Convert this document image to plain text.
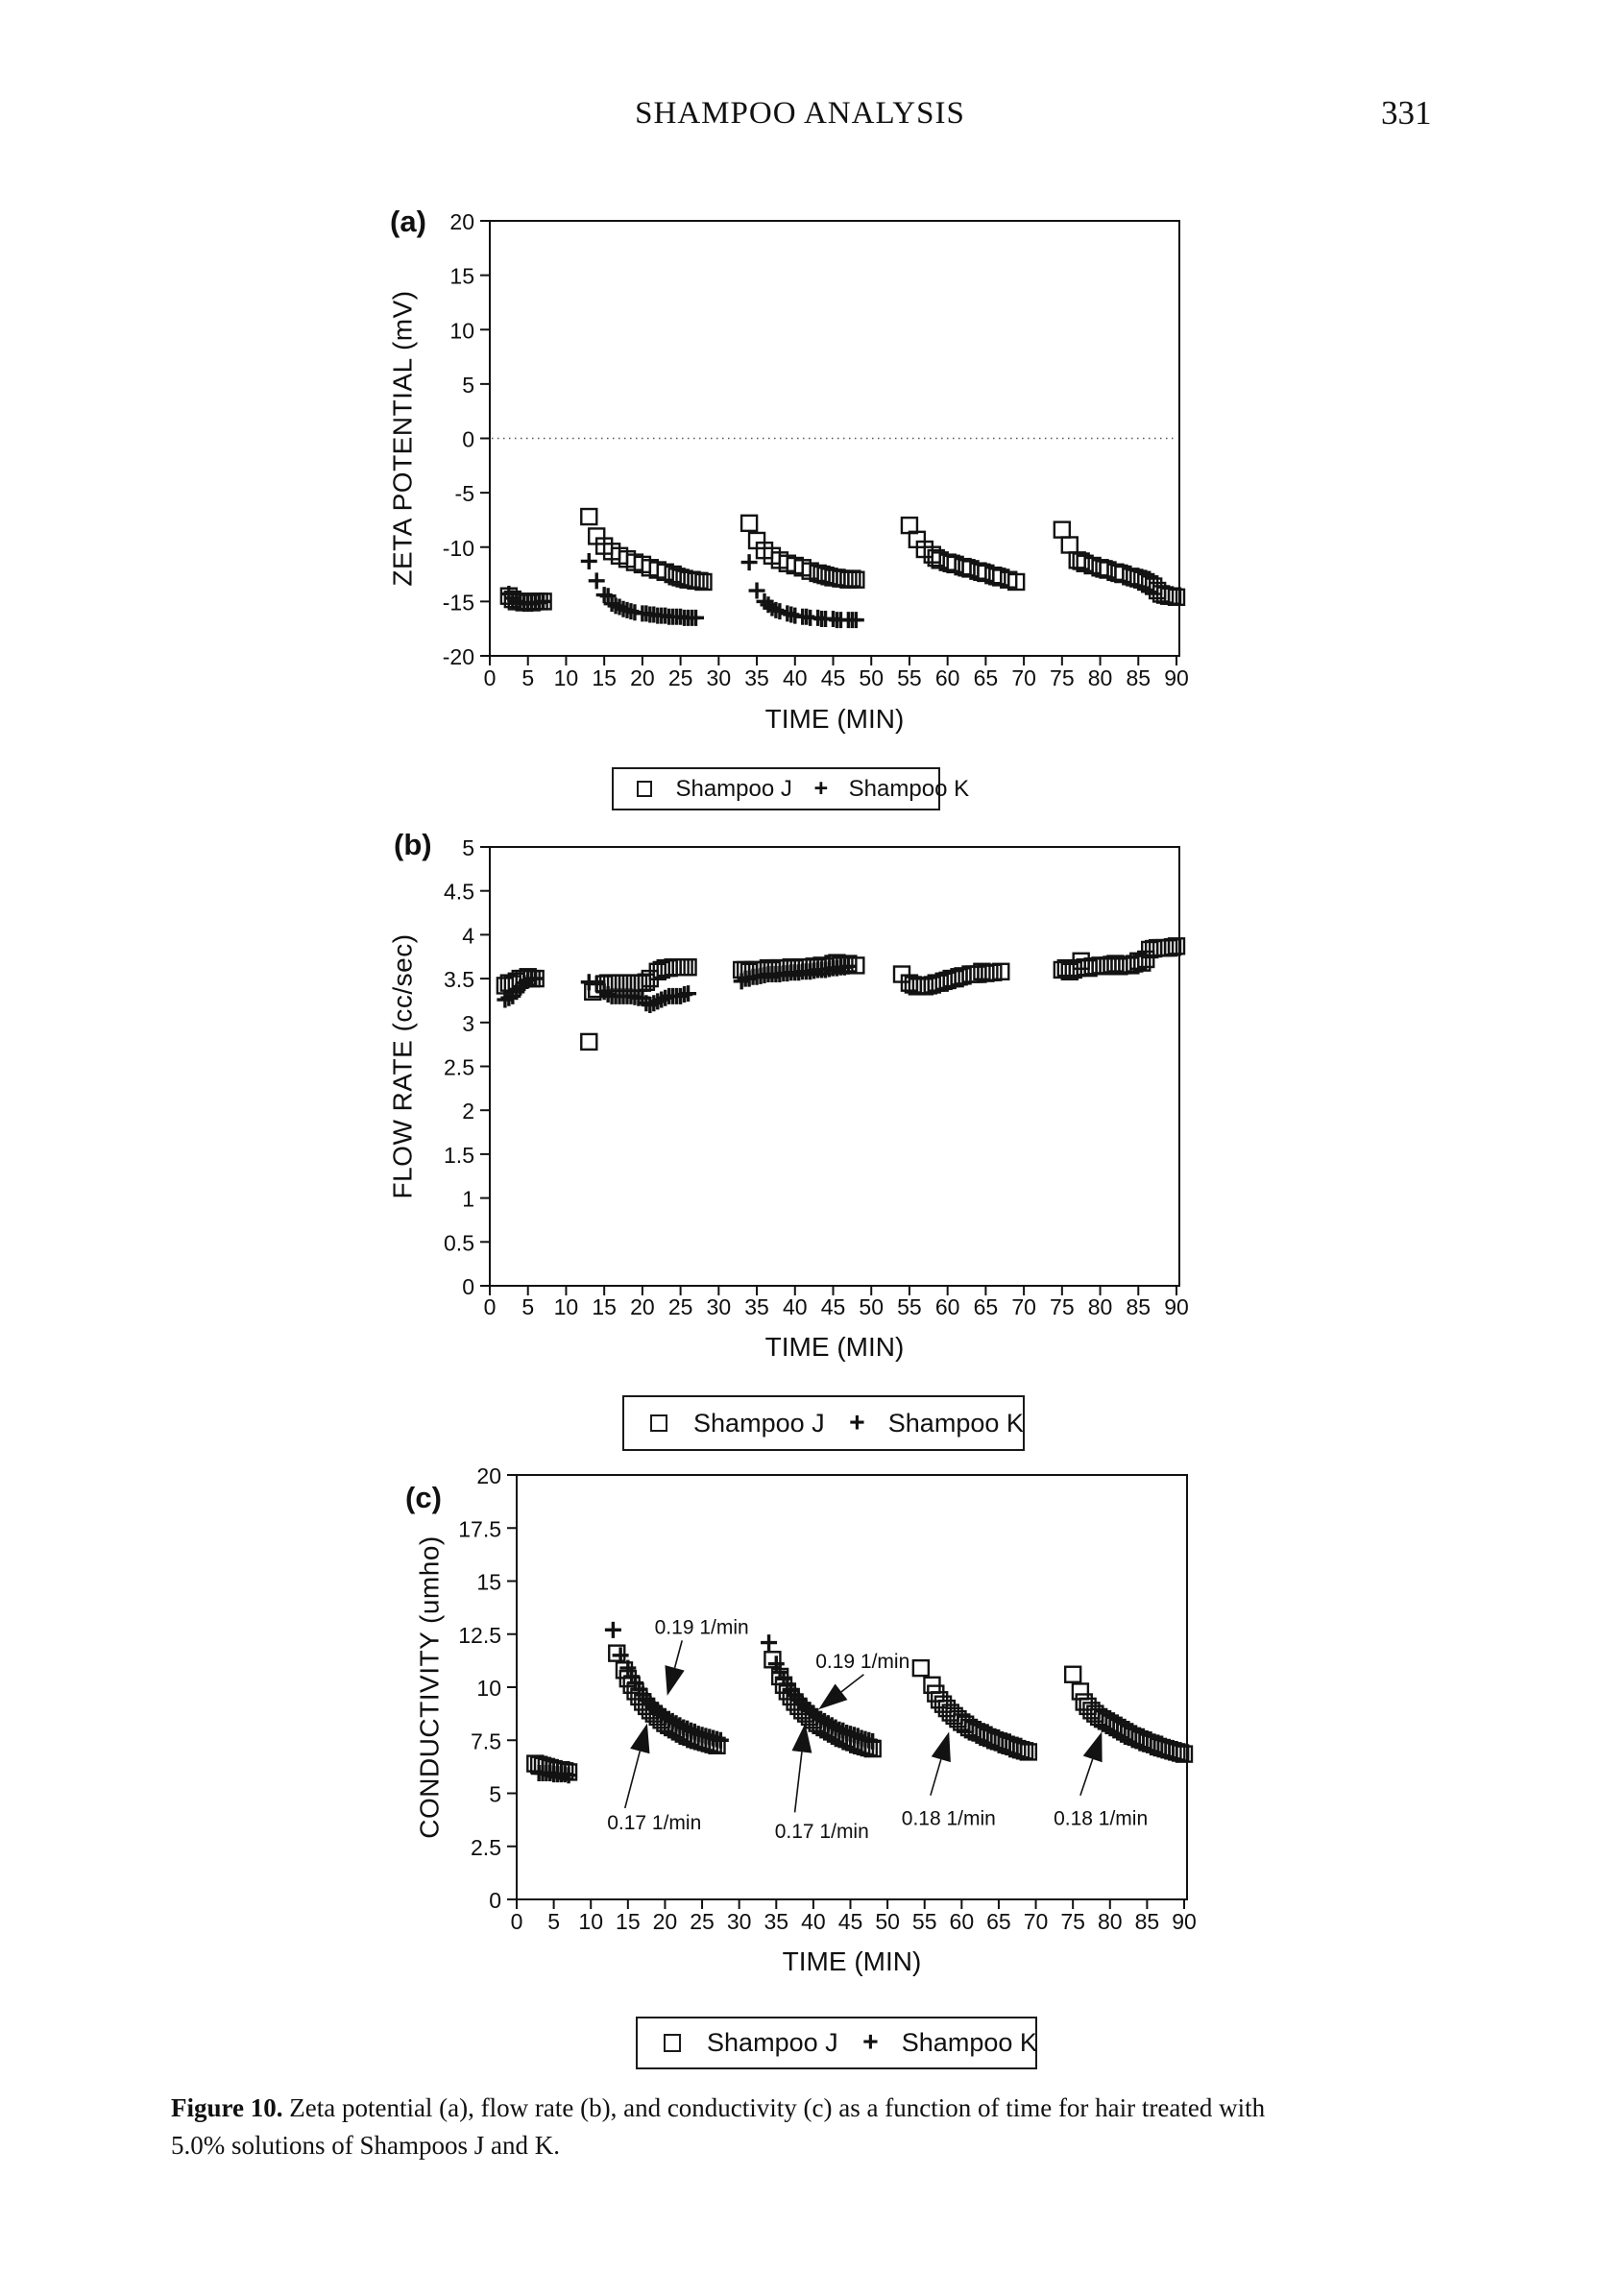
SHAMPOO ANALYSIS	331
20
15
10
5
0
-5
-10
-15
-20
0 5 10 15 20 25 30 35 40 45 50 55 60 65 70 75 80 85 90
TIME (MIN)
ZETA POTENTIAL (mV)
5
4.5
4
3.5
3
2.5
2
1.5
1
0.5
0
0 5 10 15 20 25 30 35 40 45 50 55 60 65 70 75 80 85 90
TIME (MIN)
FLOW RATE (cc/sec)
20
17.5
15
12.5
10
7.5
5
2.5
0
0 5 10 15 20 25 30 35 40 45 50 55 60 65 70 75 80 85 90
TIME (MIN)
CONDUCTIVITY (umho)	0.19 1/min
0.17 1/min
0.19 1/min
0.17 1/min
0.18 1/min	0.18 1/min
(a)
(b)
(c)
Shampoo J + Shampoo K
Shampoo J + Shampoo K
Shampoo J + Shampoo K
Figure 10. Zeta potential (a), flow rate (b), and conductivity (c) as a function of time for hair treated with
5.0% solutions of Shampoos J and K.
